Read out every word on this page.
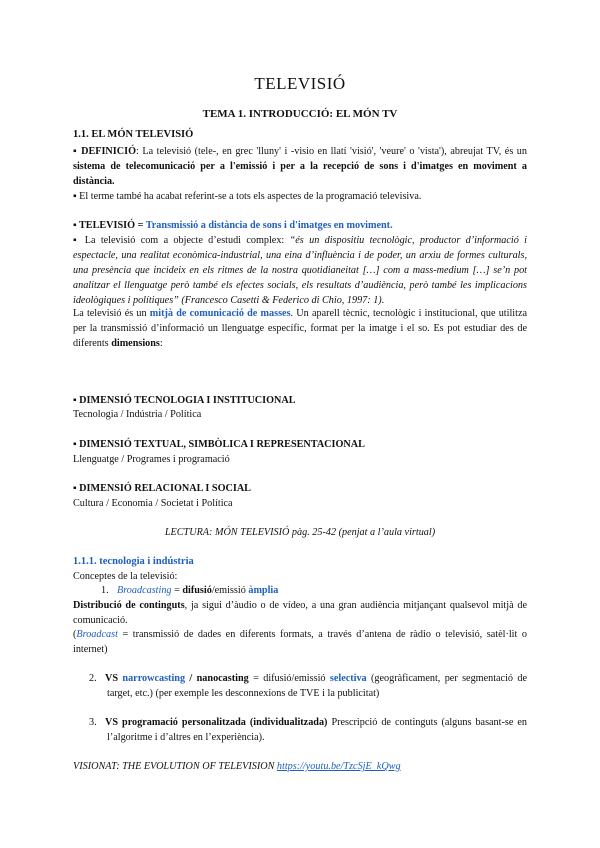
TELEVISIÓ
TEMA 1. INTRODUCCIÓ: EL MÓN TV
1.1. EL MÓN TELEVISIÓ
▪ DEFINICIÓ: La televisió (tele-, en grec 'lluny' i -visio en llatí 'visió', 'veure' o 'vista'), abreujat TV, és un sistema de telecomunicació per a l'emissió i per a la recepció de sons i d'imatges en moviment a distància.
▪ El terme també ha acabat referint-se a tots els aspectes de la programació televisiva.
▪ TELEVISIÓ = Transmissió a distància de sons i d'imatges en moviment.
▪ La televisió com a objecte d’estudi complex: “és un dispositiu tecnològic, productor d’informació i espectacle, una realitat econòmica-industrial, una eina d’influència i de poder, un arxiu de formes culturals, una presència que incideix en els ritmes de la nostra quotidianeitat […] com a mass-medium […] se’n pot analitzar el llenguatge però també els efectes socials, els resultats d’audiència, però també les implicacions ideològiques i polítiques” (Francesco Casetti & Federico di Chio, 1997: 1).
La televisió és un mitjà de comunicació de masses. Un aparell tècnic, tecnològic i institucional, que utilitza per la transmissió d’informació un llenguatge específic, format per la imatge i el so. Es pot estudiar des de diferents dimensions:
▪ DIMENSIÓ TECNOLOGIA I INSTITUCIONAL
Tecnologia / Indústria / Política
▪ DIMENSIÓ TEXTUAL, SIMBÒLICA I REPRESENTACIONAL
Llenguatge / Programes i programació
▪ DIMENSIÓ RELACIONAL I SOCIAL
Cultura / Economia / Societat i Política
LECTURA: MÓN TELEVISIÓ pàg. 25-42 (penjat a l’aula virtual)
1.1.1. tecnologia i indústria
Conceptes de la televisió:
1. Broadcasting = difusió/emissió àmplia
Distribució de continguts, ja sigui d’àudio o de vídeo, a una gran audiència mitjançant qualsevol mitjà de comunicació.
(Broadcast = transmissió de dades en diferents formats, a través d’antena de ràdio o televisió, satèl·lit o internet)
2. VS narrowcasting / nanocasting = difusió/emissió selectiva (geogràficament, per segmentació de target, etc.) (per exemple les desconnexions de TVE i la publicitat)
3. VS programació personalitzada (individualitzada) Prescripció de continguts (alguns basant-se en l’algoritme i d’altres en l’experiència).
VISIONAT: THE EVOLUTION OF TELEVISION https://youtu.be/TzcSjE_kQwg
